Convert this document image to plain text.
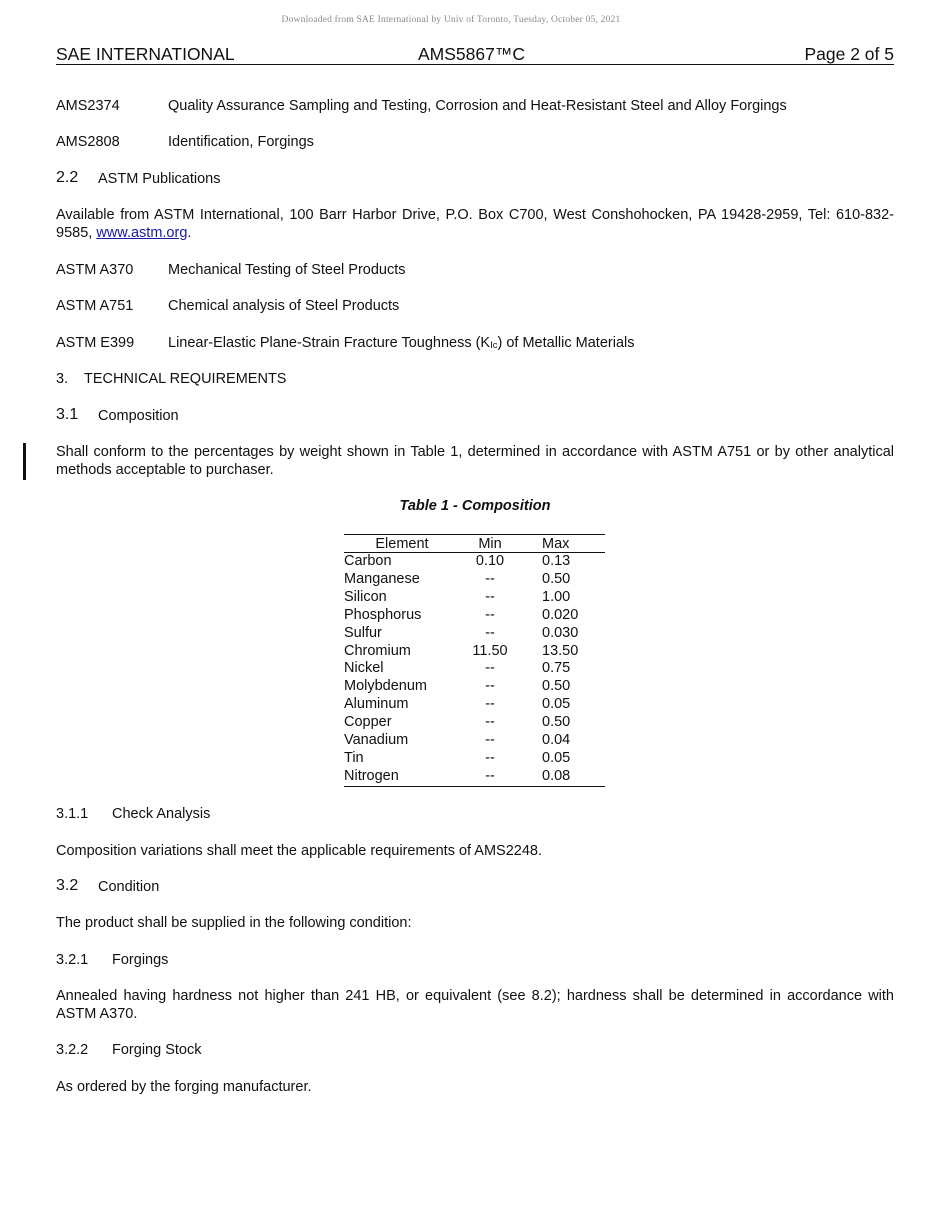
Downloaded from SAE International by Univ of Toronto, Tuesday, October 05, 2021
SAE INTERNATIONAL	AMS5867™C	Page 2 of 5
AMS2374	Quality Assurance Sampling and Testing, Corrosion and Heat-Resistant Steel and Alloy Forgings
AMS2808	Identification, Forgings
2.2 ASTM Publications
Available from ASTM International, 100 Barr Harbor Drive, P.O. Box C700, West Conshohocken, PA 19428-2959, Tel: 610-832-9585, www.astm.org.
ASTM A370 Mechanical Testing of Steel Products
ASTM A751 Chemical analysis of Steel Products
ASTM E399 Linear-Elastic Plane-Strain Fracture Toughness $(K_{Ic})$ of Metallic Materials
3. TECHNICAL REQUIREMENTS
3.1 Composition
Shall conform to the percentages by weight shown in Table 1, determined in accordance with ASTM A751 or by other analytical methods acceptable to purchaser.
Table 1 - Composition
Element	Min	Max
Carbon	0.10	0.13
Manganese	--	0.50
Silicon	--	1.00
Phosphorus	--	0.020
Sulfur	--	0.030
Chromium	11.50	13.50
Nickel	--	0.75
Molybdenum	--	0.50
Aluminum	--	0.05
Copper	--	0.50
Vanadium	--	0.04
Tin	--	0.05
Nitrogen	--	0.08
3.1.1 Check Analysis
Composition variations shall meet the applicable requirements of AMS2248.
3.2 Condition
The product shall be supplied in the following condition:
3.2.1 Forgings
Annealed having hardness not higher than 241 HB, or equivalent (see 8.2); hardness shall be determined in accordance with ASTM A370.
3.2.2 Forging Stock
As ordered by the forging manufacturer.
